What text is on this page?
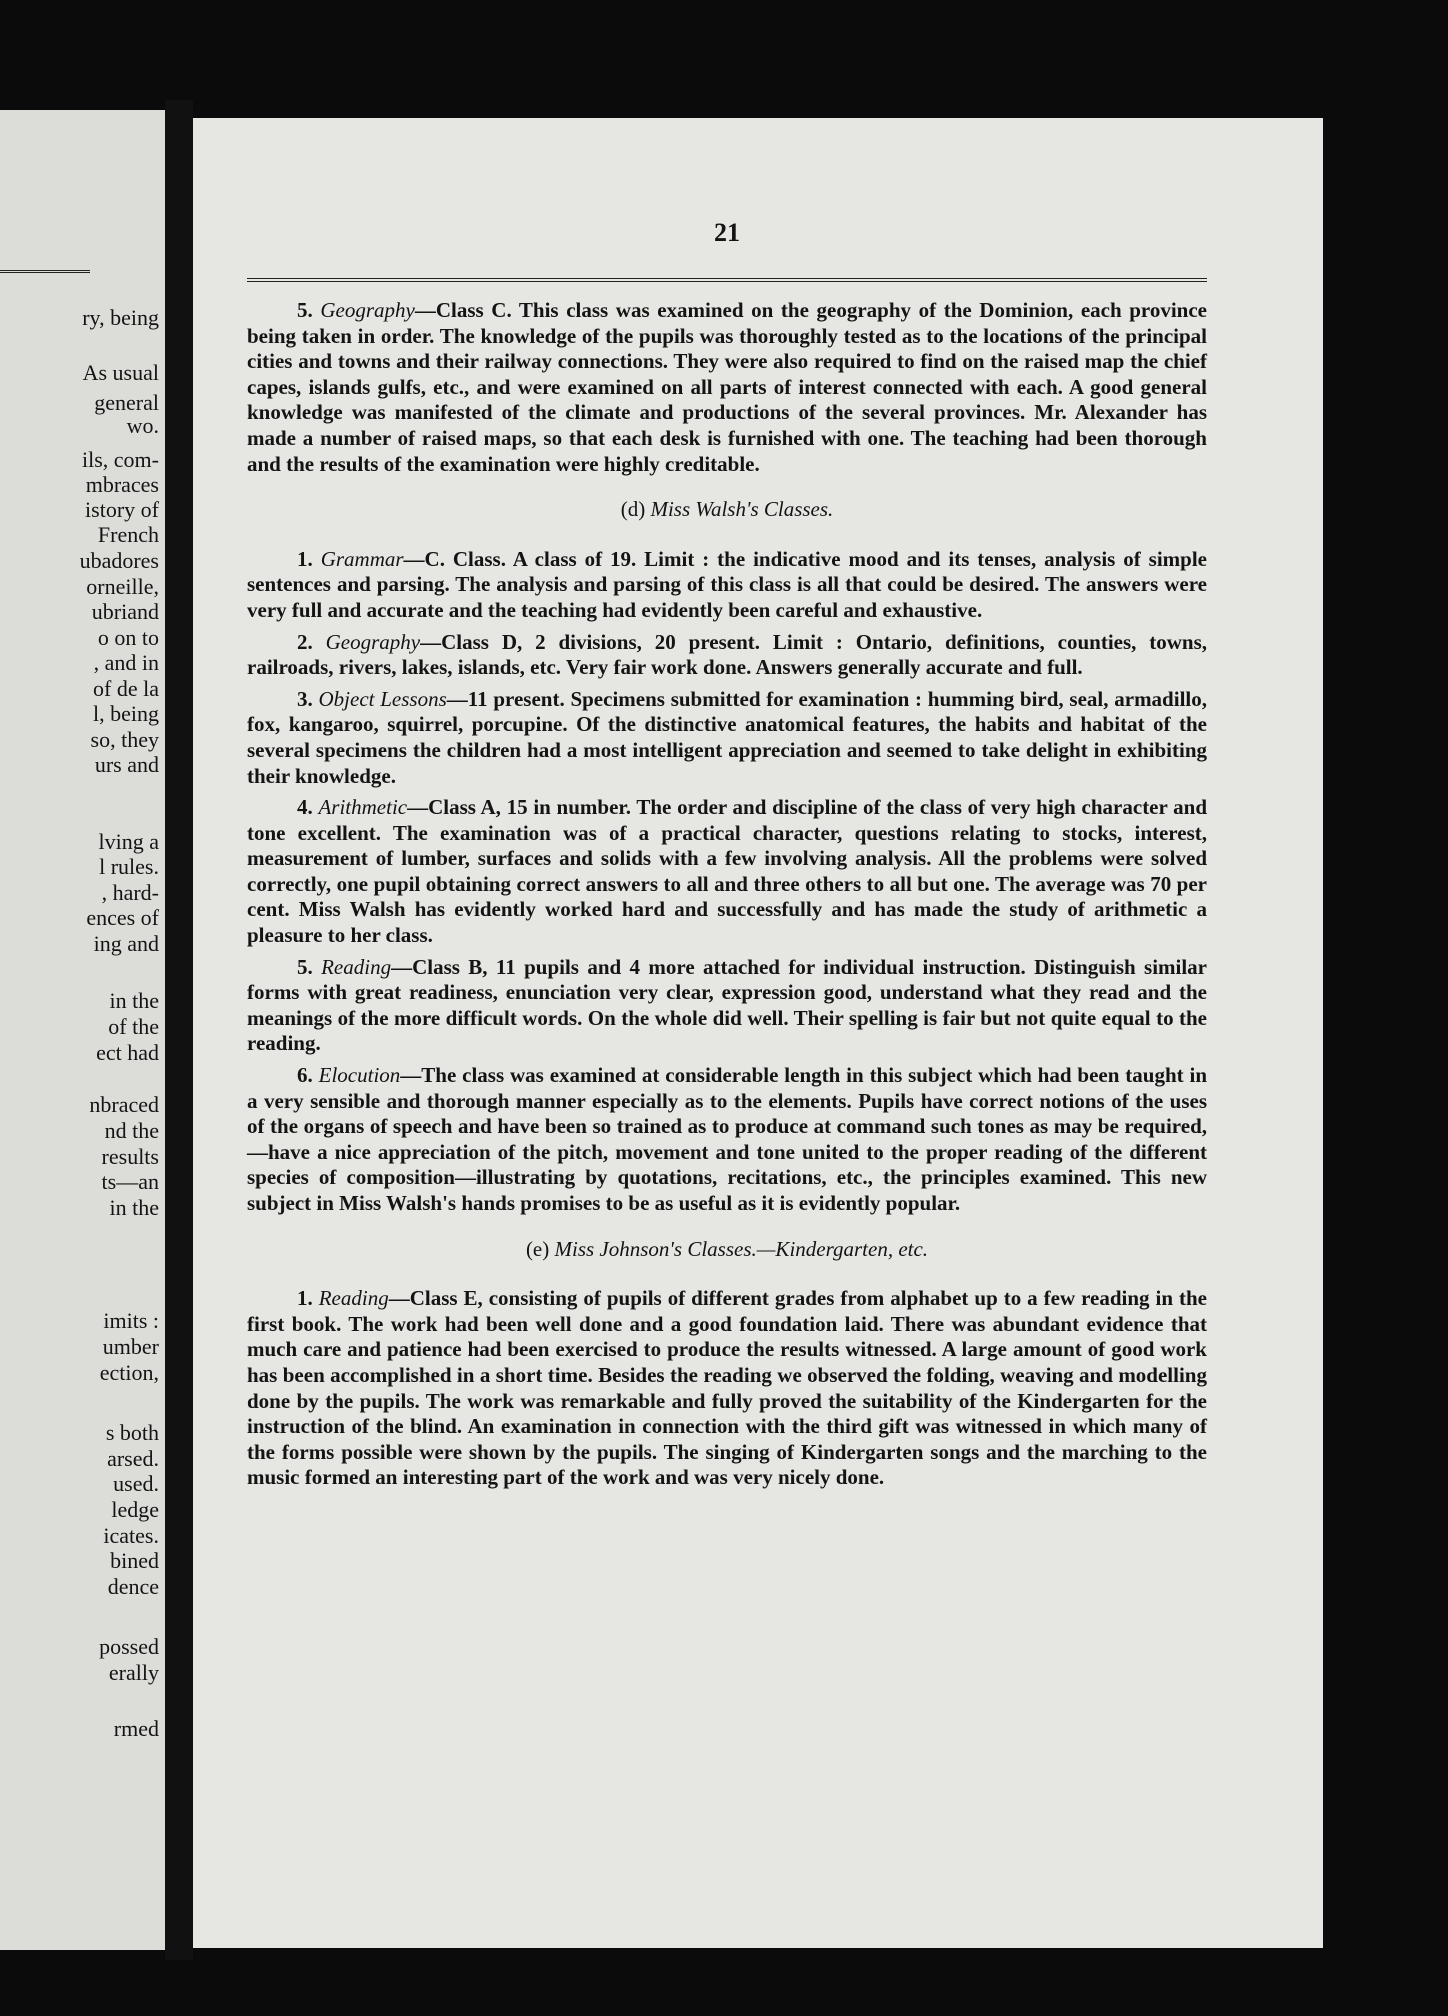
ry, being
As usual
general
wo.
ils, com-
mbraces
istory of
French
ubadores
orneille,
ubriand
o on to
, and in
of de la
l, being
so, they
urs and
lving a
l rules.
, hard-
ences of
ing and
in the
of the
ect had
nbraced
nd the
results
ts—an
in the
imits :
umber
ection,
s both
arsed.
used.
ledge
icates.
bined
dence
possed
erally
rmed
21

5. Geography—Class C. This class was examined on the geography of the Dominion, each province being taken in order. The knowledge of the pupils was thoroughly tested as to the locations of the principal cities and towns and their railway connections. They were also required to find on the raised map the chief capes, islands gulfs, etc., and were examined on all parts of interest connected with each. A good general knowledge was manifested of the climate and productions of the several provinces. Mr. Alexander has made a number of raised maps, so that each desk is furnished with one. The teaching had been thorough and the results of the examination were highly creditable.

(d) Miss Walsh's Classes.

1. Grammar—C. Class. A class of 19. Limit : the indicative mood and its tenses, analysis of simple sentences and parsing. The analysis and parsing of this class is all that could be desired. The answers were very full and accurate and the teaching had evidently been careful and exhaustive.

2. Geography—Class D, 2 divisions, 20 present. Limit : Ontario, definitions, counties, towns, railroads, rivers, lakes, islands, etc. Very fair work done. Answers generally accurate and full.

3. Object Lessons—11 present. Specimens submitted for examination : humming bird, seal, armadillo, fox, kangaroo, squirrel, porcupine. Of the distinctive anatomical features, the habits and habitat of the several specimens the children had a most intelligent appreciation and seemed to take delight in exhibiting their knowledge.

4. Arithmetic—Class A, 15 in number. The order and discipline of the class of very high character and tone excellent. The examination was of a practical character, questions relating to stocks, interest, measurement of lumber, surfaces and solids with a few involving analysis. All the problems were solved correctly, one pupil obtaining correct answers to all and three others to all but one. The average was 70 per cent. Miss Walsh has evidently worked hard and successfully and has made the study of arithmetic a pleasure to her class.

5. Reading—Class B, 11 pupils and 4 more attached for individual instruction. Distinguish similar forms with great readiness, enunciation very clear, expression good, understand what they read and the meanings of the more difficult words. On the whole did well. Their spelling is fair but not quite equal to the reading.

6. Elocution—The class was examined at considerable length in this subject which had been taught in a very sensible and thorough manner especially as to the elements. Pupils have correct notions of the uses of the organs of speech and have been so trained as to produce at command such tones as may be required,—have a nice appreciation of the pitch, movement and tone united to the proper reading of the different species of composition—illustrating by quotations, recitations, etc., the principles examined. This new subject in Miss Walsh's hands promises to be as useful as it is evidently popular.

(e) Miss Johnson's Classes.—Kindergarten, etc.

1. Reading—Class E, consisting of pupils of different grades from alphabet up to a few reading in the first book. The work had been well done and a good foundation laid. There was abundant evidence that much care and patience had been exercised to produce the results witnessed. A large amount of good work has been accomplished in a short time. Besides the reading we observed the folding, weaving and modelling done by the pupils. The work was remarkable and fully proved the suitability of the Kindergarten for the instruction of the blind. An examination in connection with the third gift was witnessed in which many of the forms possible were shown by the pupils. The singing of Kindergarten songs and the marching to the music formed an interesting part of the work and was very nicely done.
